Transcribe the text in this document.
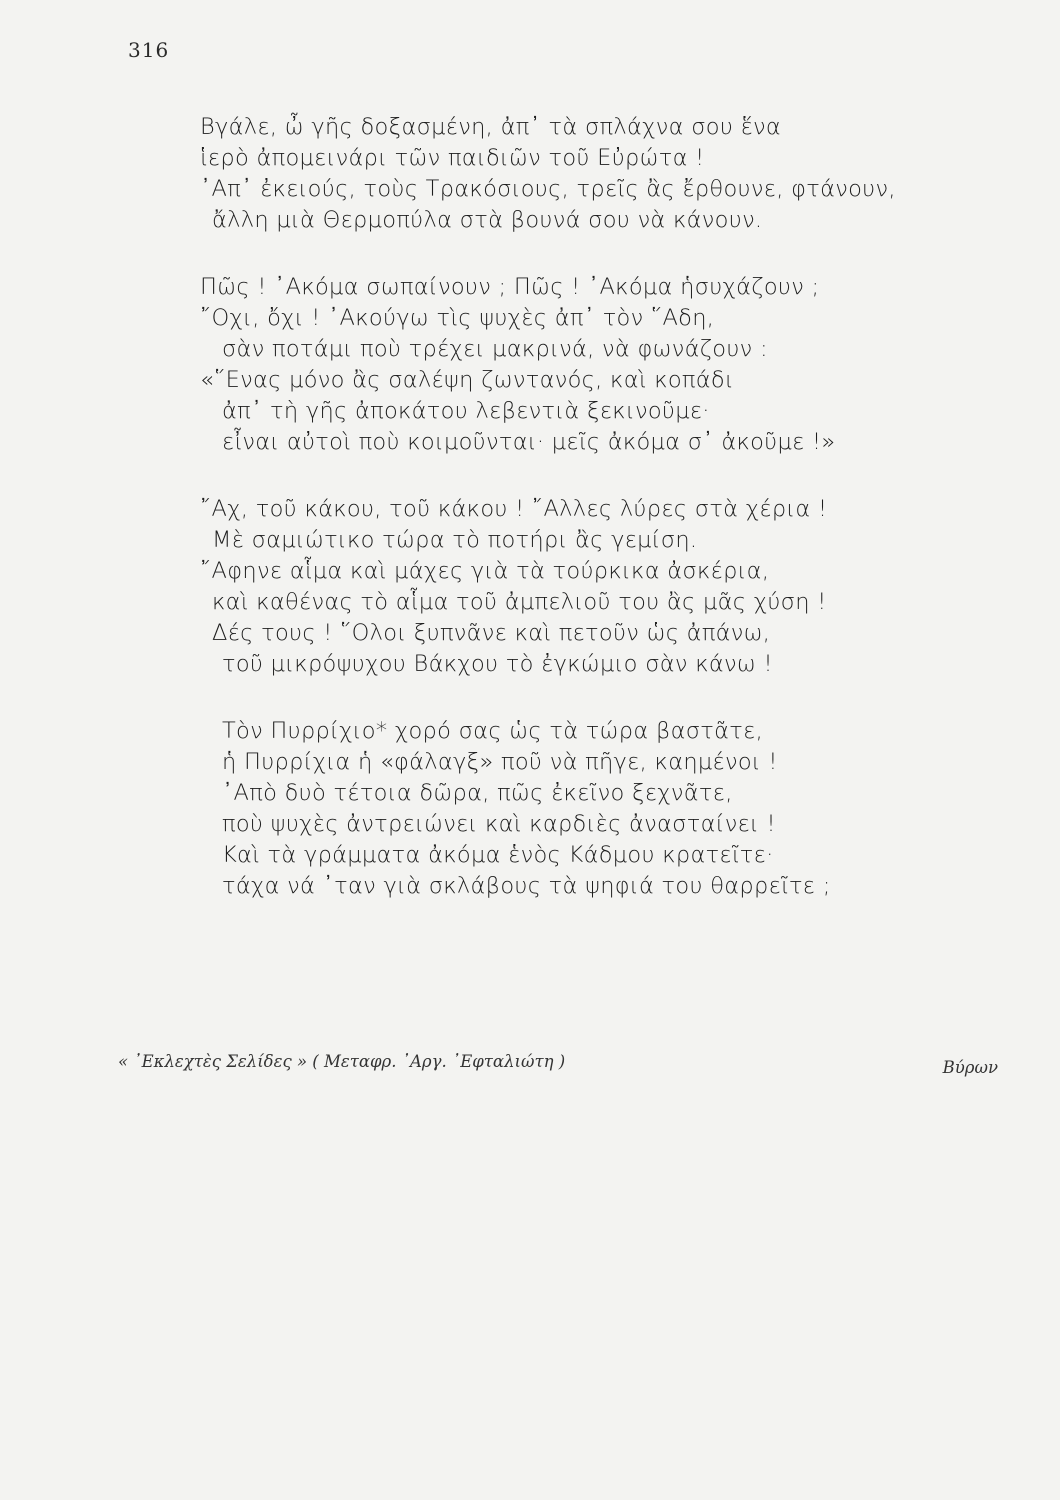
316
Βγάλε, ὦ γῆς δοξασμένη, ἀπ᾿ τὰ σπλάχνα σου ἕνα
ἱερὸ ἀπομεινάρι τῶν παιδιῶν τοῦ Εὐρώτα !
᾿Απ᾿ ἐκειούς, τοὺς Τρακόσιους, τρεῖς ἂς ἔρθουνε, φτάνουν,
ἄλλη μιὰ Θερμοπύλα στὰ βουνά σου νὰ κάνουν.
Πῶς ! ᾿Ακόμα σωπαίνουν ; Πῶς ! ᾿Ακόμα ἡσυχάζουν ;
῎Οχι, ὄχι ! ᾿Ακούγω τὶς ψυχὲς ἀπ᾿ τὸν ῞Αδη,
σὰν ποτάμι ποὺ τρέχει μακρινά, νὰ φωνάζουν :
«῞Ενας μόνο ἂς σαλέψη ζωντανός, καὶ κοπάδι
ἀπ᾿ τὴ γῆς ἀποκάτου λεβεντιὰ ξεκινοῦμε·
εἶναι αὐτοὶ ποὺ κοιμοῦνται· μεῖς ἀκόμα σ᾿ ἀκοῦμε !»
῎Αχ, τοῦ κάκου, τοῦ κάκου ! ῎Αλλες λύρες στὰ χέρια !
Μὲ σαμιώτικο τώρα τὸ ποτήρι ἂς γεμίση.
῎Αφηνε αἷμα καὶ μάχες γιὰ τὰ τούρκικα ἀσκέρια,
καὶ καθένας τὸ αἷμα τοῦ ἀμπελιοῦ του ἂς μᾶς χύση !
Δές τους ! ῞Ολοι ξυπνᾶνε καὶ πετοῦν ὡς ἀπάνω,
τοῦ μικρόψυχου Βάκχου τὸ ἐγκώμιο σὰν κάνω !
Τὸν Πυρρίχιο* χορό σας ὡς τὰ τώρα βαστᾶτε,
ἡ Πυρρίχια ἡ «φάλαγξ» ποῦ νὰ πῆγε, καημένοι !
᾿Απὸ δυὸ τέτοια δῶρα, πῶς ἐκεῖνο ξεχνᾶτε,
ποὺ ψυχὲς ἀντρειώνει καὶ καρδιὲς ἀνασταίνει !
Καὶ τὰ γράμματα ἀκόμα ἑνὸς Κάδμου κρατεῖτε·
τάχα νά ᾿ταν γιὰ σκλάβους τὰ ψηφιά του θαρρεῖτε ;
« ᾿Εκλεχτὲς Σελίδες » ( Μεταφρ. ᾿Αργ. ᾿Εφταλιώτη )	Βύρων
